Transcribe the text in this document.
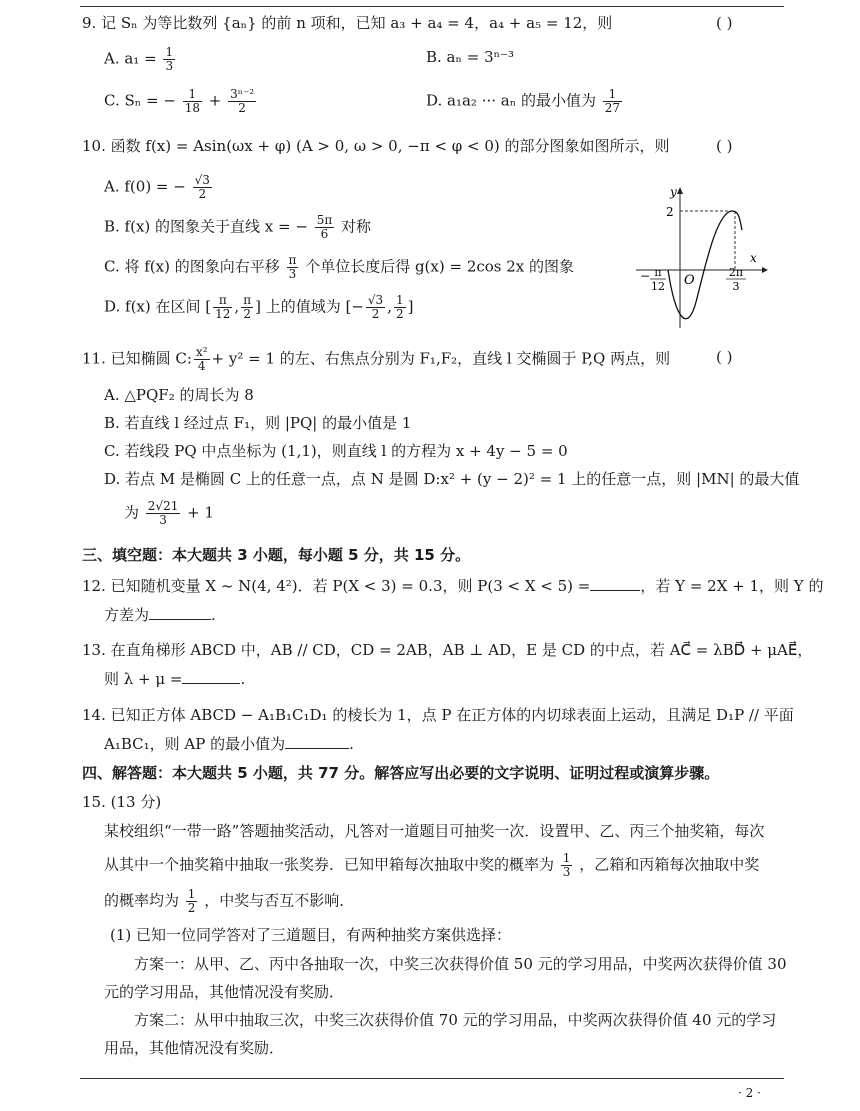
9. 记 Sₙ 为等比数列 {aₙ} 的前 n 项和，已知 a₃ + a₄ = 4，a₄ + a₅ = 12，则	( )
A. $a_1 = \frac{1}{3}$	B. aₙ = 3ⁿ⁻³
C. Sₙ = − $\frac{1}{18} + \frac{\text{3ⁿ⁻²}}{2}$	D. a₁a₂ ··· aₙ 的最小值为 $\frac{1}{27}$
10. 函数 f(x) = Asin(ωx + φ) (A > 0, ω > 0, −π < φ < 0) 的部分图象如图所示，则	( )
A. f(0) = − $\frac{√3}{2}$
B. f(x) 的图象关于直线 x = − $\frac{5\pi}{6}$ 对称
C. 将 f(x) 的图象向右平移 $\frac{\pi}{3}$ 个单位长度后得 g(x) = 2cos 2x 的图象
D. f(x) 在区间 [ $\frac{\pi}{12}$ , $\frac{\pi}{2}$ ] 上的值域为 [− $\frac{√3}{2}$ , $\frac{1}{2}$ ]
y
x
O
2
− π
12
2π
3
11. 已知椭圆 C: $\frac{\text{x²}}{4} + y^2 = 1$ 的左、右焦点分别为 F₁,F₂，直线 l 交椭圆于 P,Q 两点，则	( )
A. △PQF₂ 的周长为 8
B. 若直线 l 经过点 F₁，则 |PQ| 的最小值是 1
C. 若线段 PQ 中点坐标为 (1,1)，则直线 l 的方程为 x + 4y − 5 = 0
D. 若点 M 是椭圆 C 上的任意一点，点 N 是圆 D:x² + (y − 2)² = 1 上的任意一点，则 |MN| 的最大值
为 $\frac{2√21}{3} + 1$
三、填空题：本大题共 3 小题，每小题 5 分，共 15 分。
12. 已知随机变量 X ~ N(4, 4²)．若 P(X < 3) = 0.3，则 P(3 < X < 5) =	，若 Y = 2X + 1，则 Y 的
方差为	.
13. 在直角梯形 ABCD 中，AB // CD，CD = 2AB，AB ⊥ AD，E 是 CD 的中点，若 AC⃗ = λBD⃗ + μAE⃗，
则 λ + μ =	.
14. 已知正方体 ABCD − A₁B₁C₁D₁ 的棱长为 1，点 P 在正方体的内切球表面上运动，且满足 D₁P // 平面
A₁BC₁，则 AP 的最小值为	.
四、解答题：本大题共 5 小题，共 77 分。解答应写出必要的文字说明、证明过程或演算步骤。
15. (13 分)
某校组织“一带一路”答题抽奖活动，凡答对一道题目可抽奖一次．设置甲、乙、丙三个抽奖箱，每次
从其中一个抽奖箱中抽取一张奖券．已知甲箱每次抽取中奖的概率为 $\frac{1}{3}$ ，乙箱和丙箱每次抽取中奖
的概率均为 $\frac{1}{2}$ ，中奖与否互不影响．
(1) 已知一位同学答对了三道题目，有两种抽奖方案供选择：
方案一：从甲、乙、丙中各抽取一次，中奖三次获得价值 50 元的学习用品，中奖两次获得价值 30
元的学习用品，其他情况没有奖励．
方案二：从甲中抽取三次，中奖三次获得价值 70 元的学习用品，中奖两次获得价值 40 元的学习
用品，其他情况没有奖励．
· 2 ·
